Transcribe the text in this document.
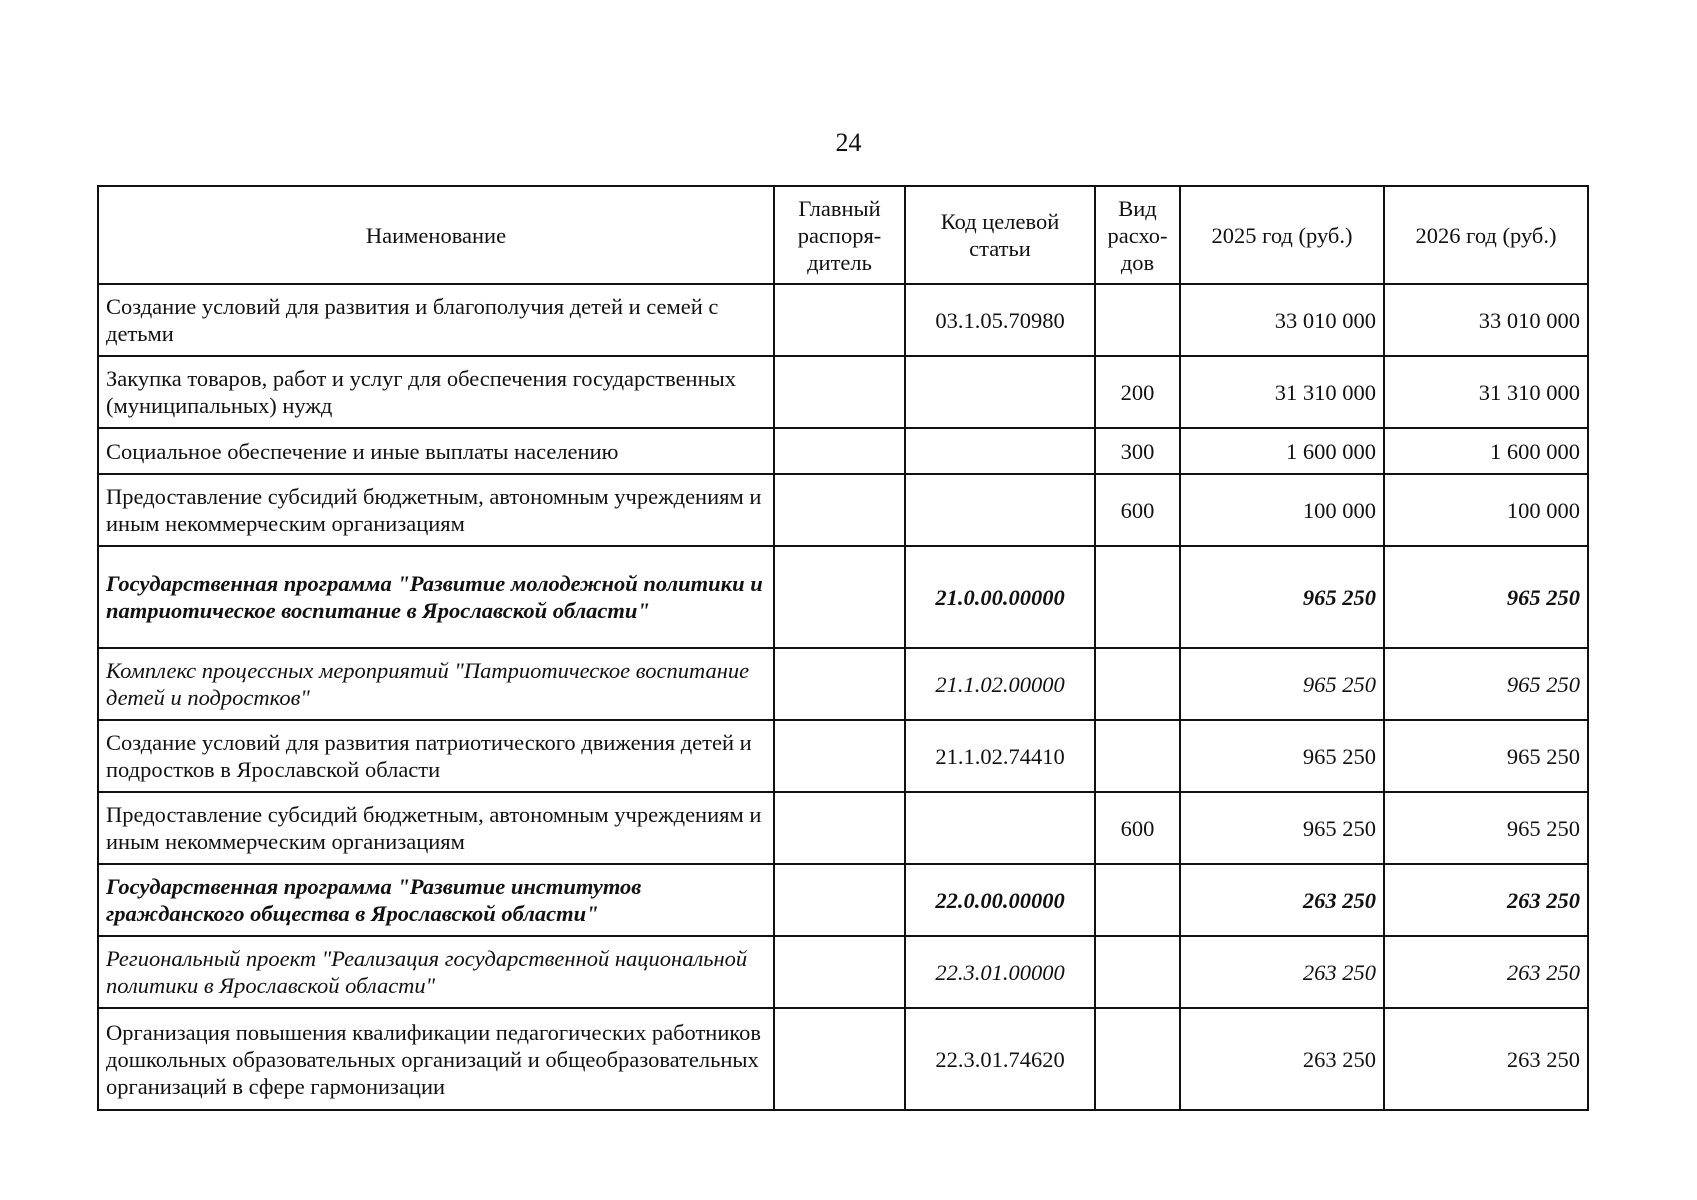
24
Наименование	Главный распоря-дитель	Код целевой статьи	Вид расхо-дов	2025 год (руб.)	2026 год (руб.)
Создание условий для развития и благополучия детей и семей с детьми		03.1.05.70980		33 010 000	33 010 000
Закупка товаров, работ и услуг для обеспечения государственных (муниципальных) нужд			200	31 310 000	31 310 000
Социальное обеспечение и иные выплаты населению			300	1 600 000	1 600 000
Предоставление субсидий бюджетным, автономным учреждениям и иным некоммерческим организациям			600	100 000	100 000
Государственная программа "Развитие молодежной политики и патриотическое воспитание в Ярославской области"		21.0.00.00000		965 250	965 250
Комплекс процессных мероприятий "Патриотическое воспитание детей и подростков"		21.1.02.00000		965 250	965 250
Создание условий для развития патриотического движения детей и подростков в Ярославской области		21.1.02.74410		965 250	965 250
Предоставление субсидий бюджетным, автономным учреждениям и иным некоммерческим организациям			600	965 250	965 250
Государственная программа "Развитие институтов гражданского общества в Ярославской области"		22.0.00.00000		263 250	263 250
Региональный проект "Реализация государственной национальной политики в Ярославской области"		22.3.01.00000		263 250	263 250
Организация повышения квалификации педагогических работников дошкольных образовательных организаций и общеобразовательных организаций в сфере гармонизации		22.3.01.74620		263 250	263 250
